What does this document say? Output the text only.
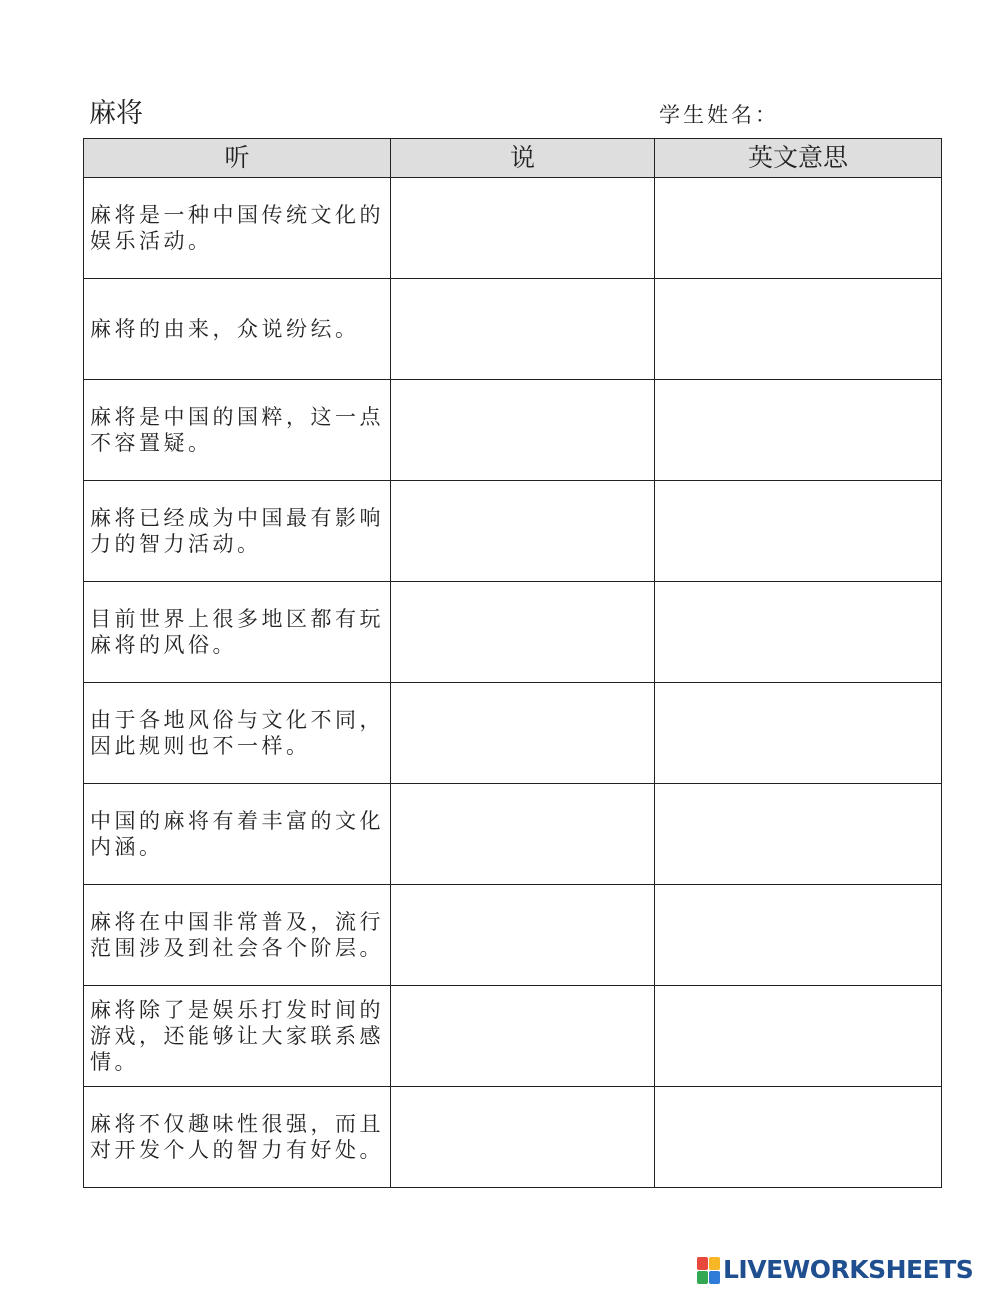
麻将	学生姓名：
听	说	英文意思
麻将是一种中国传统文化的娱乐活动。		
麻将的由来，众说纷纭。		
麻将是中国的国粹，这一点不容置疑。		
麻将已经成为中国最有影响力的智力活动。		
目前世界上很多地区都有玩麻将的风俗。		
由于各地风俗与文化不同，因此规则也不一样。		
中国的麻将有着丰富的文化内涵。		
麻将在中国非常普及，流行范围涉及到社会各个阶层。		
麻将除了是娱乐打发时间的游戏，还能够让大家联系感情。		
麻将不仅趣味性很强，而且对开发个人的智力有好处。		
LIVEWORKSHEETS
